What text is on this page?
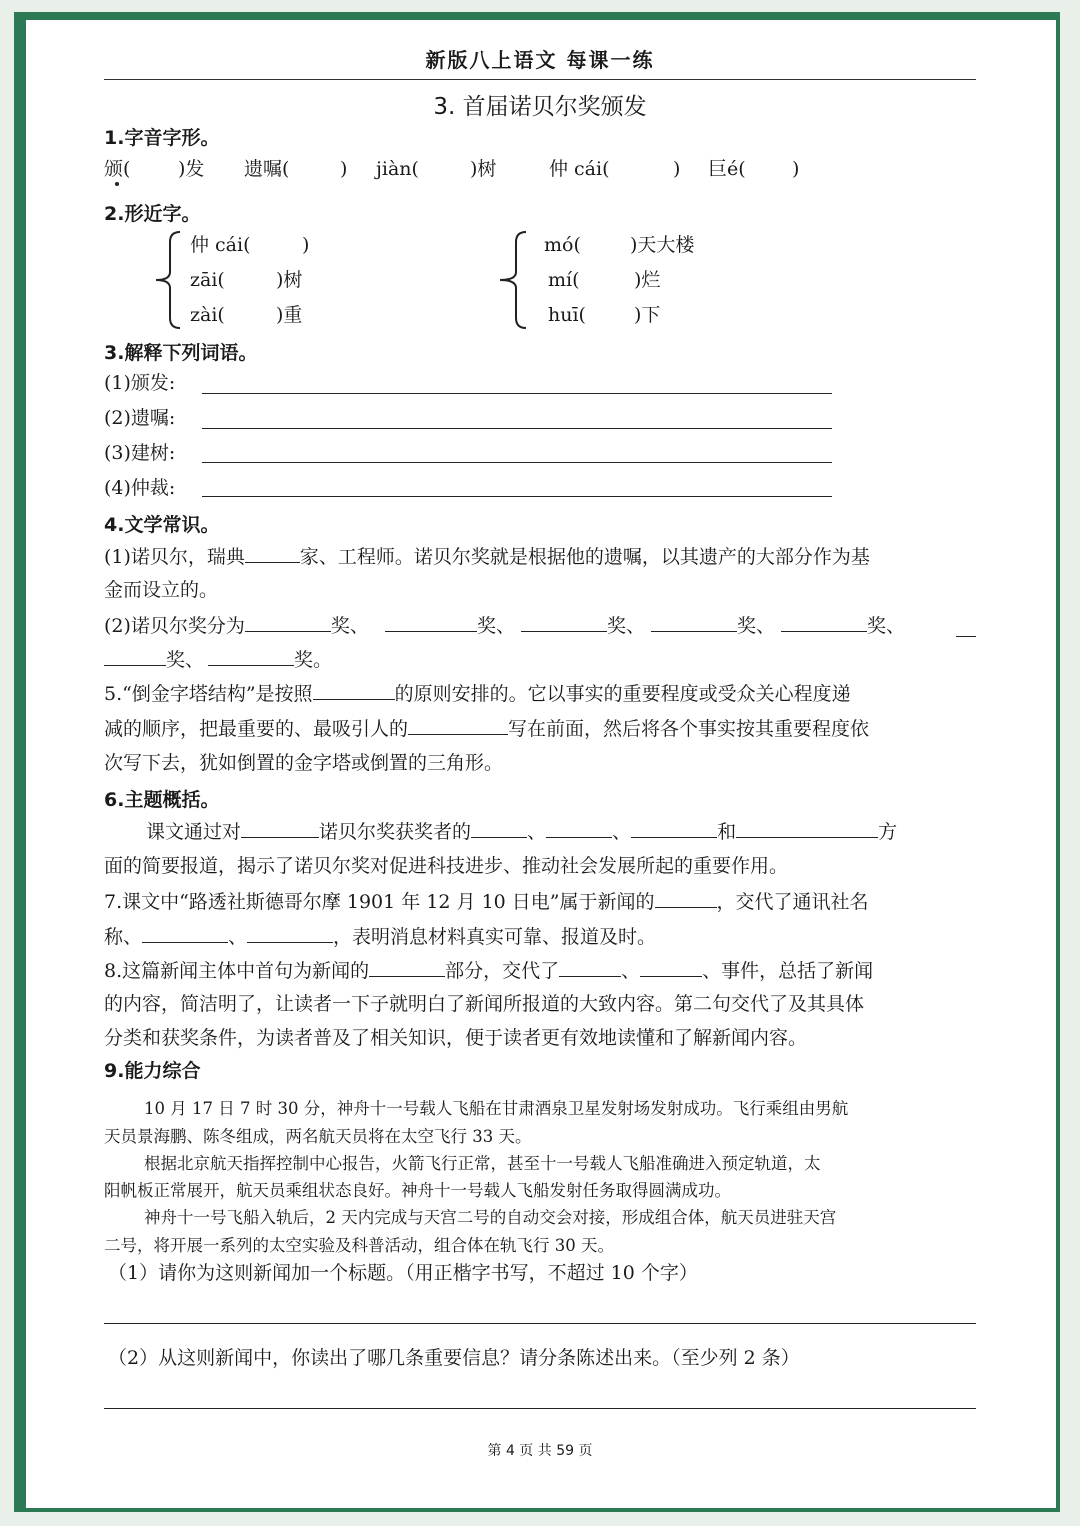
新版八上语文 每课一练
3. 首届诺贝尔奖颁发
1.字音字形。
颁(	)发 遗嘱(	) jiàn(	)树	仲 cái(	) 巨é( )
2.形近字。
仲 cái(	)
zāi(	)树
zài(	)重
mó(	)天大楼
mí(	)烂
huī(	)下
3.解释下列词语。
(1)颁发:
(2)遗嘱:
(3)建树:
(4)仲裁:
4.文学常识。
(1)诺贝尔，瑞典	家、工程师。诺贝尔奖就是根据他的遗嘱，以其遗产的大部分作为基
金而设立的。
(2)诺贝尔奖分为	奖、	奖、	奖、	奖、	奖、
奖、	奖。
5.“倒金字塔结构”是按照	的原则安排的。它以事实的重要程度或受众关心程度递
减的顺序，把最重要的、最吸引人的	写在前面，然后将各个事实按其重要程度依
次写下去，犹如倒置的金字塔或倒置的三角形。
6.主题概括。
课文通过对	诺贝尔奖获奖者的	、	、	和	方
面的简要报道，揭示了诺贝尔奖对促进科技进步、推动社会发展所起的重要作用。
7.课文中“路透社斯德哥尔摩 1901 年 12 月 10 日电”属于新闻的	，交代了通讯社名
称、	、	，表明消息材料真实可靠、报道及时。
8.这篇新闻主体中首句为新闻的	部分，交代了	、	、事件，总括了新闻
的内容，简洁明了，让读者一下子就明白了新闻所报道的大致内容。第二句交代了及其具体
分类和获奖条件，为读者普及了相关知识，便于读者更有效地读懂和了解新闻内容。
9.能力综合
10 月 17 日 7 时 30 分，神舟十一号载人飞船在甘肃酒泉卫星发射场发射成功。飞行乘组由男航
天员景海鹏、陈冬组成，两名航天员将在太空飞行 33 天。
根据北京航天指挥控制中心报告，火箭飞行正常，甚至十一号载人飞船准确进入预定轨道，太
阳帆板正常展开，航天员乘组状态良好。神舟十一号载人飞船发射任务取得圆满成功。
神舟十一号飞船入轨后，2 天内完成与天宫二号的自动交会对接，形成组合体，航天员进驻天宫
二号，将开展一系列的太空实验及科普活动，组合体在轨飞行 30 天。
（1）请你为这则新闻加一个标题。（用正楷字书写，不超过 10 个字）
（2）从这则新闻中，你读出了哪几条重要信息？请分条陈述出来。（至少列 2 条）
第 4 页 共 59 页
